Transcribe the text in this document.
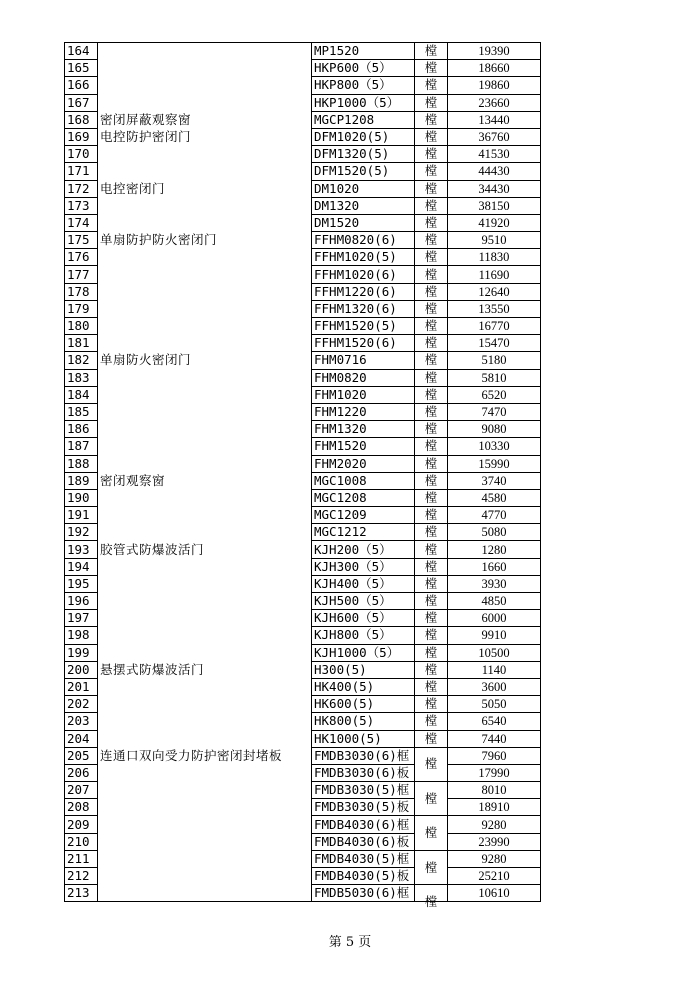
164		MP1520	樘	19390
165		HKP600（5）	樘	18660
166		HKP800（5）	樘	19860
167		HKP1000（5）	樘	23660
168	密闭屏蔽观察窗	MGCP1208	樘	13440
169	电控防护密闭门	DFM1020(5)	樘	36760
170		DFM1320(5)	樘	41530
171		DFM1520(5)	樘	44430
172	电控密闭门	DM1020	樘	34430
173		DM1320	樘	38150
174		DM1520	樘	41920
175	单扇防护防火密闭门	FFHM0820(6)	樘	9510
176		FFHM1020(5)	樘	11830
177		FFHM1020(6)	樘	11690
178		FFHM1220(6)	樘	12640
179		FFHM1320(6)	樘	13550
180		FFHM1520(5)	樘	16770
181		FFHM1520(6)	樘	15470
182	单扇防火密闭门	FHM0716	樘	5180
183		FHM0820	樘	5810
184		FHM1020	樘	6520
185		FHM1220	樘	7470
186		FHM1320	樘	9080
187		FHM1520	樘	10330
188		FHM2020	樘	15990
189	密闭观察窗	MGC1008	樘	3740
190		MGC1208	樘	4580
191		MGC1209	樘	4770
192		MGC1212	樘	5080
193	胶管式防爆波活门	KJH200（5）	樘	1280
194		KJH300（5）	樘	1660
195		KJH400（5）	樘	3930
196		KJH500（5）	樘	4850
197		KJH600（5）	樘	6000
198		KJH800（5）	樘	9910
199		KJH1000（5）	樘	10500
200	悬摆式防爆波活门	H300(5)	樘	1140
201		HK400(5)	樘	3600
202		HK600(5)	樘	5050
203		HK800(5)	樘	6540
204		HK1000(5)	樘	7440
205	连通口双向受力防护密闭封堵板	FMDB3030(6)框	樘	7960
206		FMDB3030(6)板		17990
207		FMDB3030(5)框	樘	8010
208		FMDB3030(5)板		18910
209		FMDB4030(6)框	樘	9280
210		FMDB4030(6)板		23990
211		FMDB4030(5)框	樘	9280
212		FMDB4030(5)板		25210
213		FMDB5030(6)框	樘	10610
第 5 页
